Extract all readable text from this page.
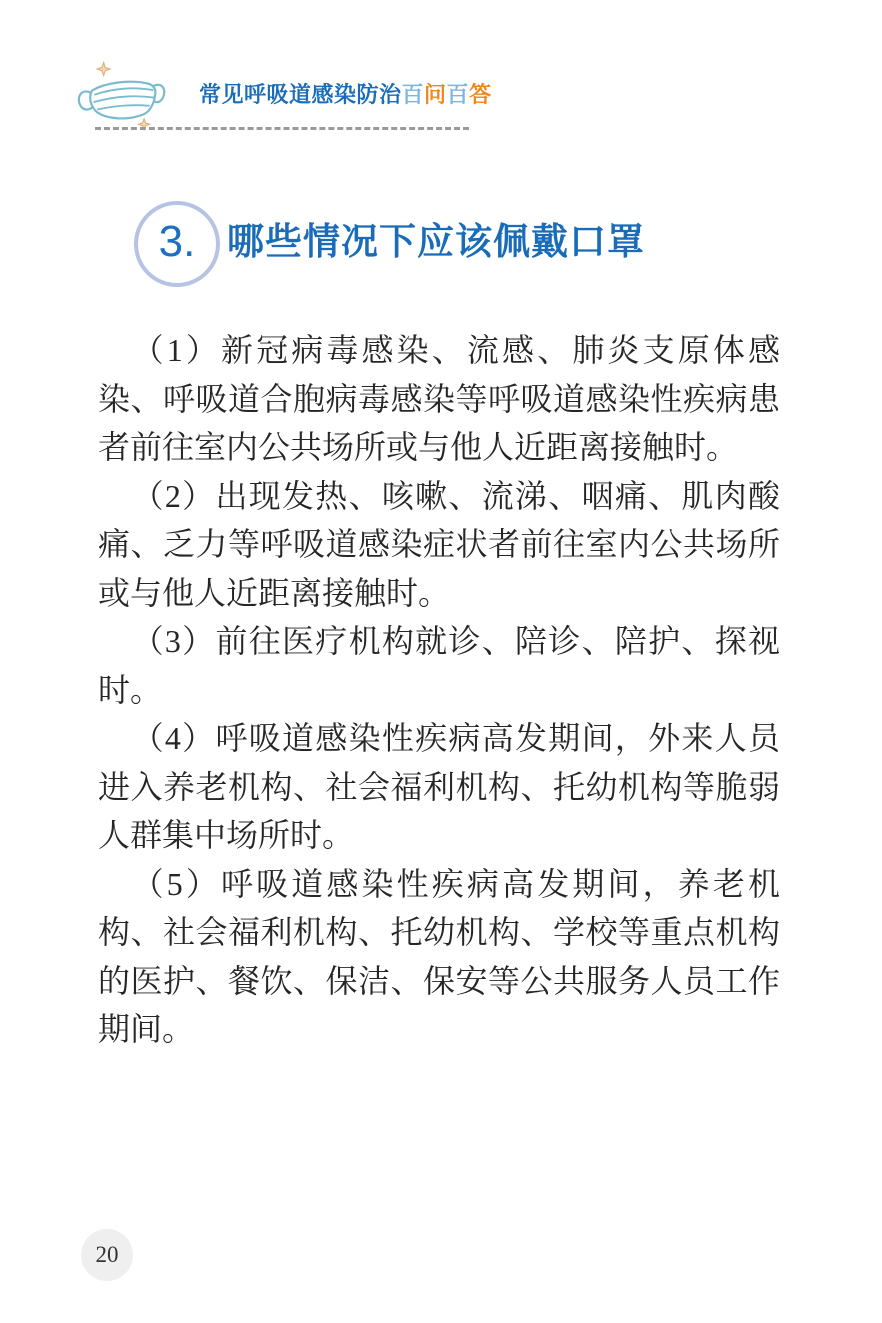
常见呼吸道感染防治百问百答
3. 哪些情况下应该佩戴口罩

（1）新冠病毒感染、流感、肺炎支原体感染、呼吸道合胞病毒感染等呼吸道感染性疾病患者前往室内公共场所或与他人近距离接触时。

（2）出现发热、咳嗽、流涕、咽痛、肌肉酸痛、乏力等呼吸道感染症状者前往室内公共场所或与他人近距离接触时。

（3）前往医疗机构就诊、陪诊、陪护、探视时。

（4）呼吸道感染性疾病高发期间，外来人员进入养老机构、社会福利机构、托幼机构等脆弱人群集中场所时。

（5）呼吸道感染性疾病高发期间，养老机构、社会福利机构、托幼机构、学校等重点机构的医护、餐饮、保洁、保安等公共服务人员工作期间。

20
